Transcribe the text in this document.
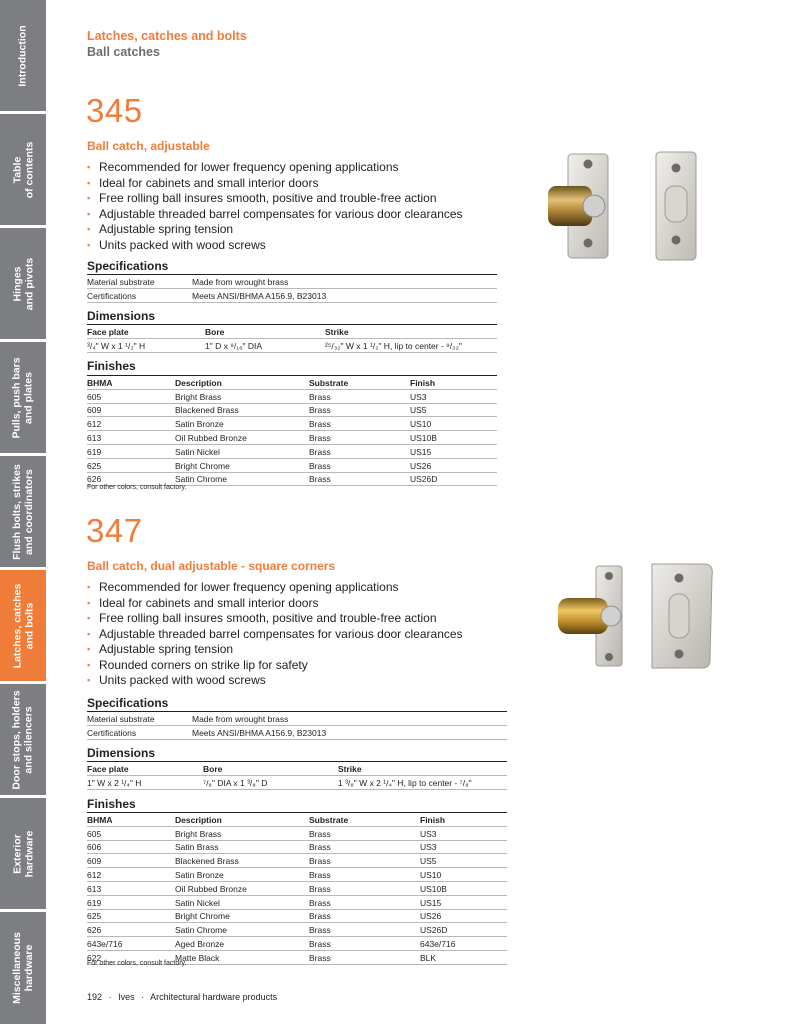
Introduction
Table of contents
Hinges and pivots
Pulls, push bars and plates
Flush bolts, strikes and coordinators
Latches, catches and bolts
Door stops, holders and silencers
Exterior hardware
Miscellaneous hardware
Latches, catches and bolts
Ball catches
345
Ball catch, adjustable
▪ Recommended for lower frequency opening applications
▪ Ideal for cabinets and small interior doors
▪ Free rolling ball insures smooth, positive and trouble-free action
▪ Adjustable threaded barrel compensates for various door clearances
▪ Adjustable spring tension
▪ Units packed with wood screws
Specifications
Material substrate	Made from wrought brass
Certifications	Meets ANSI/BHMA A156.9, B23013
Dimensions
Face plate	Bore	Strike
³/₄" W x 1 ¹/₂" H	1" D x ⁹/₁₆" DIA	²⁵/₃₂" W x 1 ¹/₂" H, lip to center - ⁹/₃₂"
Finishes
BHMA	Description	Substrate	Finish
605	Bright Brass	Brass	US3
609	Blackened Brass	Brass	US5
612	Satin Bronze	Brass	US10
613	Oil Rubbed Bronze	Brass	US10B
619	Satin Nickel	Brass	US15
625	Bright Chrome	Brass	US26
626	Satin Chrome	Brass	US26D
For other colors, consult factory.
347
Ball catch, dual adjustable - square corners
▪ Recommended for lower frequency opening applications
▪ Ideal for cabinets and small interior doors
▪ Free rolling ball insures smooth, positive and trouble-free action
▪ Adjustable threaded barrel compensates for various door clearances
▪ Adjustable spring tension
▪ Rounded corners on strike lip for safety
▪ Units packed with wood screws
Specifications
Material substrate	Made from wrought brass
Certifications	Meets ANSI/BHMA A156.9, B23013
Dimensions
Face plate	Bore	Strike
1" W x 2 ¹/₄" H	⁷/₈" DIA x 1 ³/₈" D	1 ³/₈" W x 2 ¹/₄" H, lip to center - ⁷/₈"
Finishes
BHMA	Description	Substrate	Finish
605	Bright Brass	Brass	US3
606	Satin Brass	Brass	US3
609	Blackened Brass	Brass	US5
612	Satin Bronze	Brass	US10
613	Oil Rubbed Bronze	Brass	US10B
619	Satin Nickel	Brass	US15
625	Bright Chrome	Brass	US26
626	Satin Chrome	Brass	US26D
643e/716	Aged Bronze	Brass	643e/716
622	Matte Black	Brass	BLK
For other colors, consult factory.
192 · Ives · Architectural hardware products
